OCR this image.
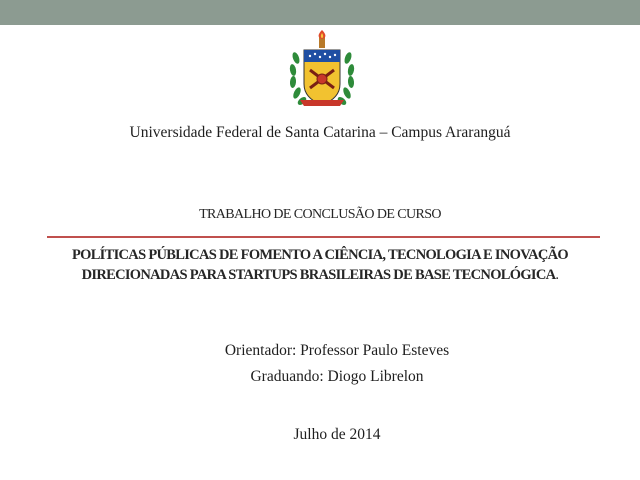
Universidade Federal de Santa Catarina – Campus Araranguá
TRABALHO DE CONCLUSÃO DE CURSO
POLÍTICAS PÚBLICAS DE FOMENTO A CIÊNCIA, TECNOLOGIA E INOVAÇÃO DIRECIONADAS PARA STARTUPS BRASILEIRAS DE BASE TECNOLÓGICA.
Orientador: Professor Paulo Esteves
Graduando: Diogo Librelon
Julho de 2014
